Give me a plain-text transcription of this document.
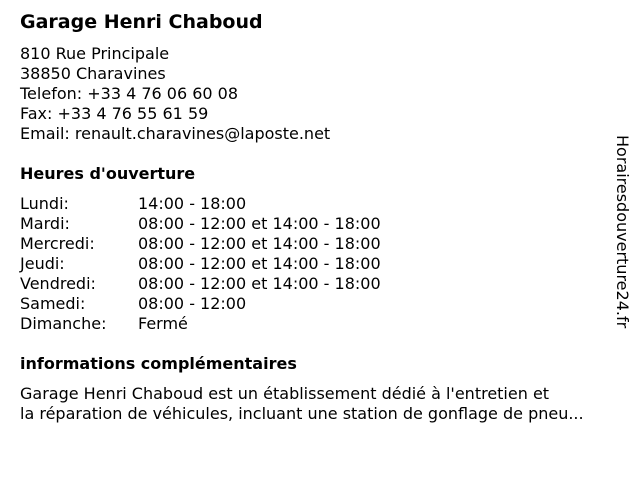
Garage Henri Chaboud
810 Rue Principale
38850 Charavines
Telefon: +33 4 76 06 60 08
Fax: +33 4 76 55 61 59
Email: renault.charavines@laposte.net
Heures d'ouverture
Lundi:	14:00 - 18:00
Mardi:	08:00 - 12:00 et 14:00 - 18:00
Mercredi:	08:00 - 12:00 et 14:00 - 18:00
Jeudi:	08:00 - 12:00 et 14:00 - 18:00
Vendredi:	08:00 - 12:00 et 14:00 - 18:00
Samedi:	08:00 - 12:00
Dimanche:	Fermé
informations complémentaires
Garage Henri Chaboud est un établissement dédié à l'entretien et
la réparation de véhicules, incluant une station de gonflage de pneu...
Horairesdouverture24.fr
